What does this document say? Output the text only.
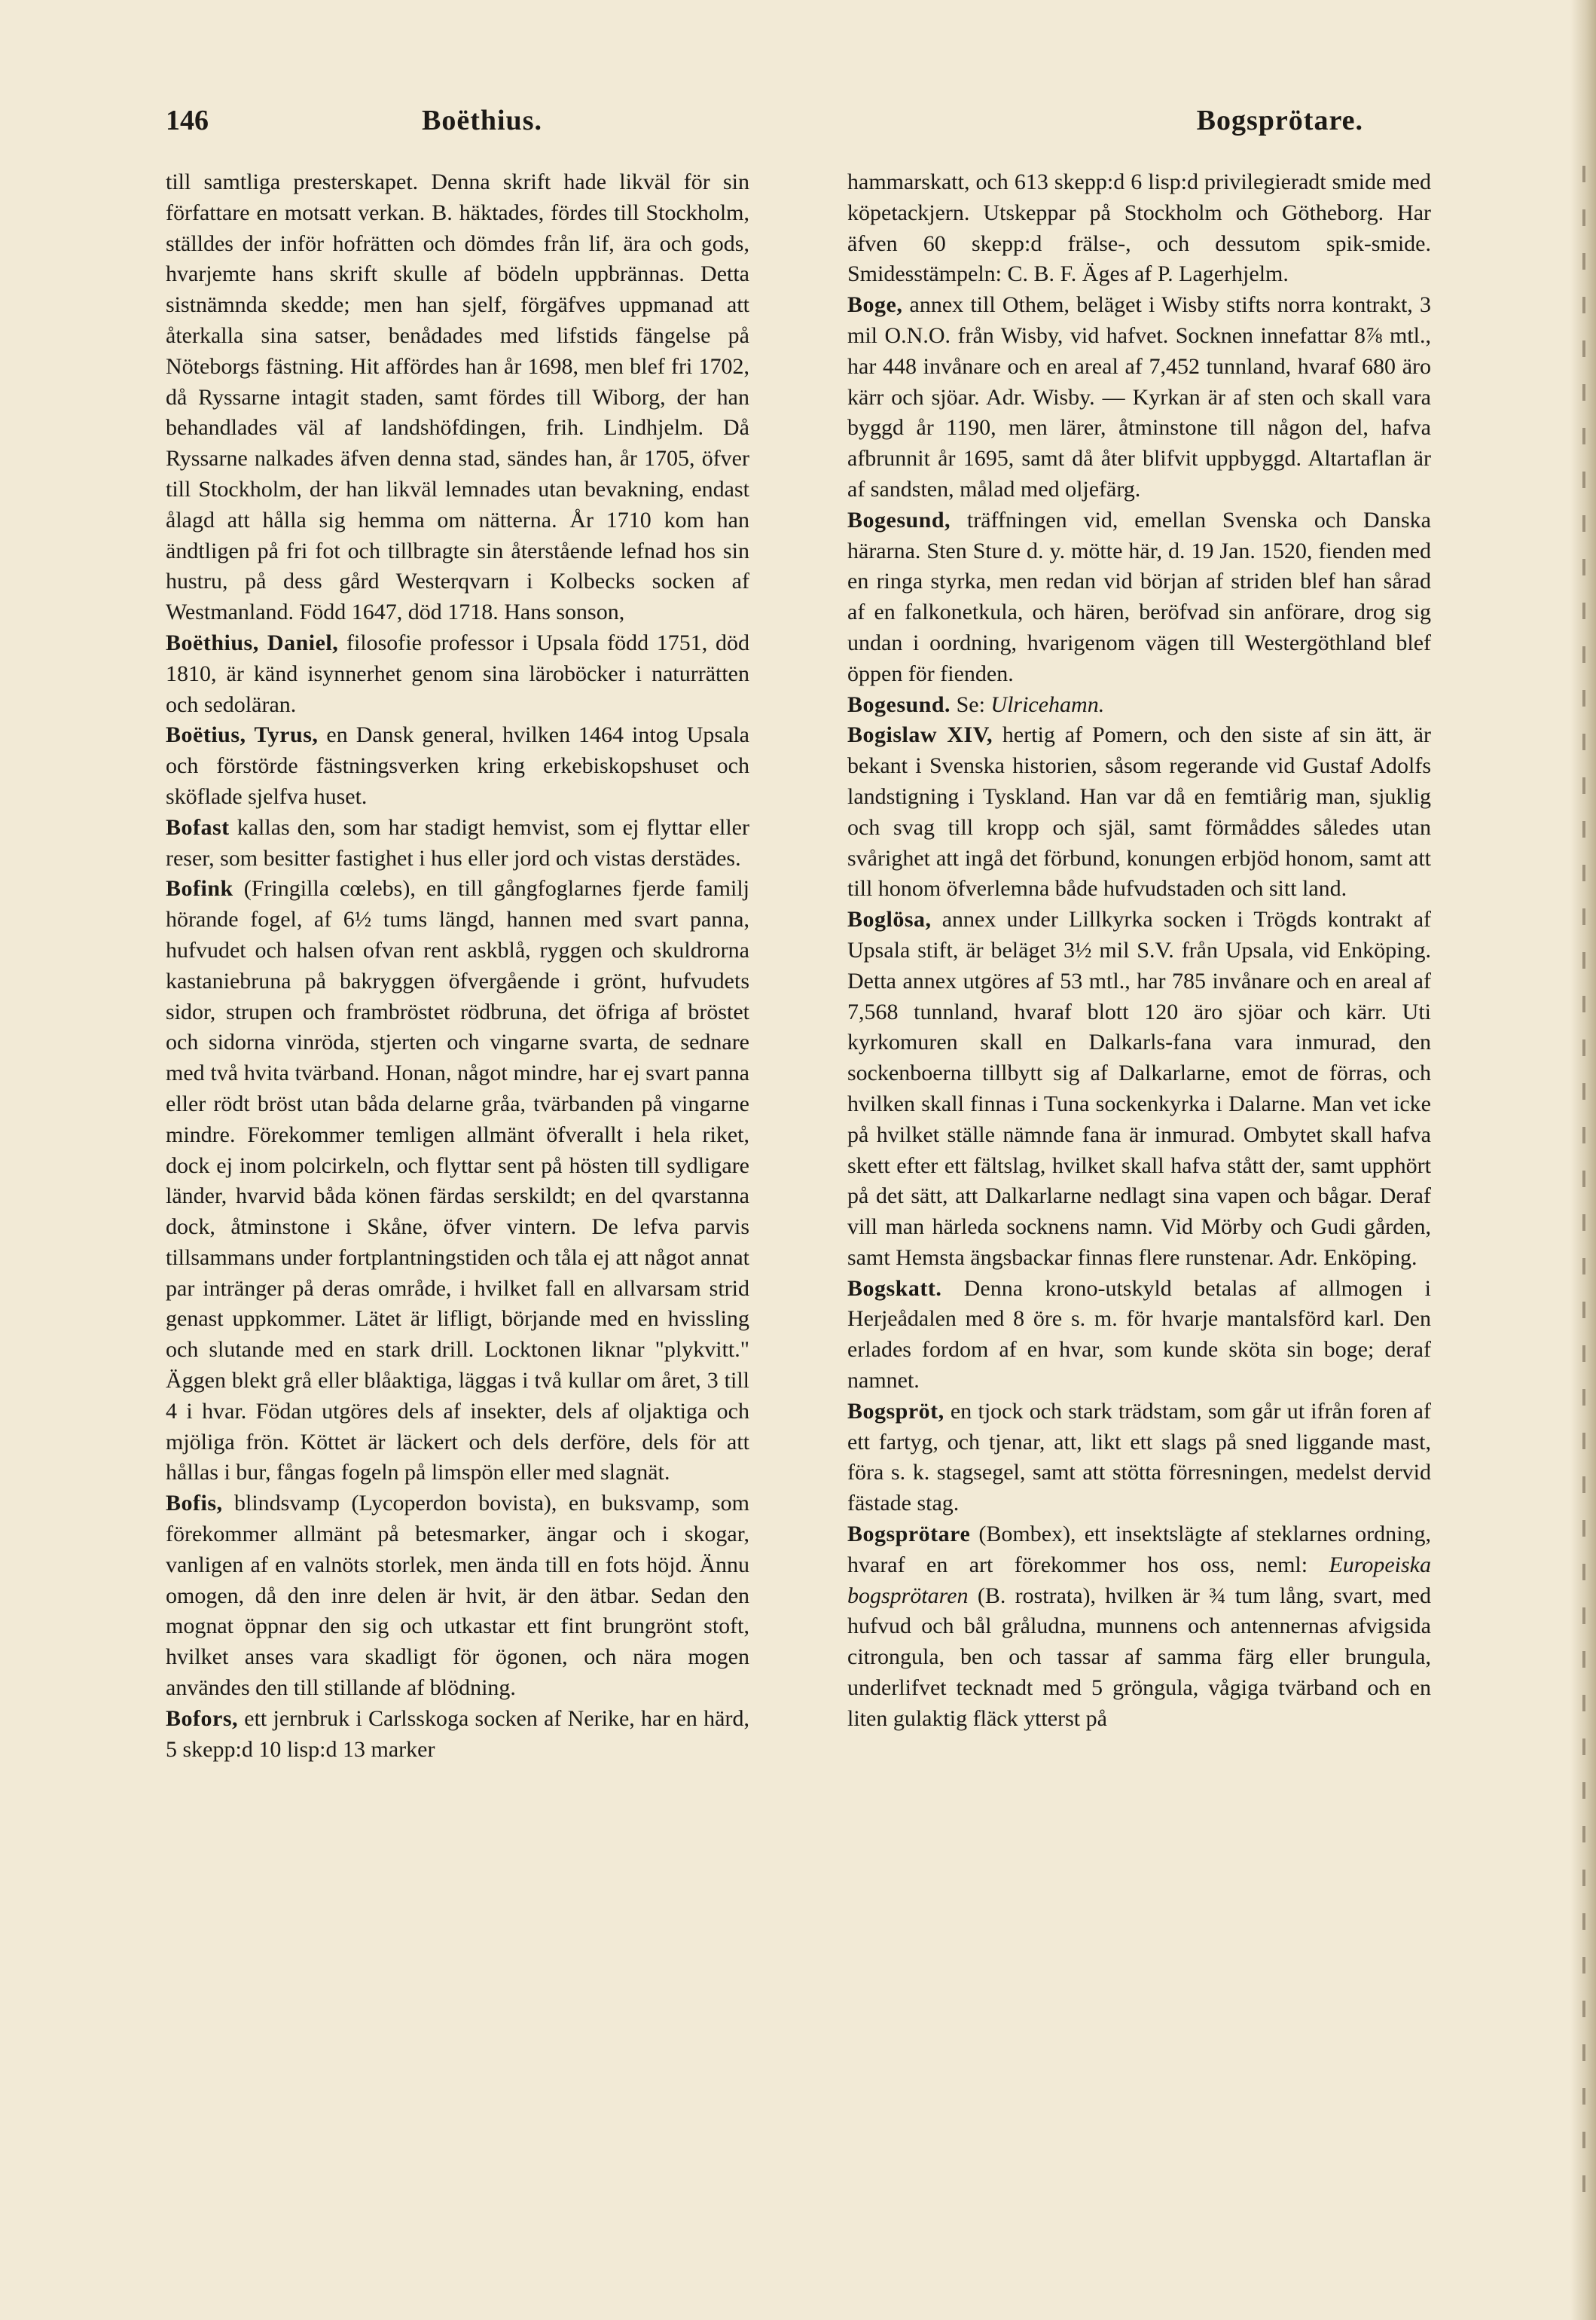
146	Boëthius.	Bogsprötare.

till samtliga presterskapet. Denna skrift hade likväl för sin författare en motsatt verkan. B. häktades, fördes till Stockholm, ställdes der inför hofrätten och dömdes från lif, ära och gods, hvarjemte hans skrift skulle af bödeln uppbrännas. Detta sistnämnda skedde; men han sjelf, förgäfves uppmanad att återkalla sina satser, benådades med lifstids fängelse på Nöteborgs fästning. Hit affördes han år 1698, men blef fri 1702, då Ryssarne intagit staden, samt fördes till Wiborg, der han behandlades väl af landshöfdingen, frih. Lindhjelm. Då Ryssarne nalkades äfven denna stad, sändes han, år 1705, öfver till Stockholm, der han likväl lemnades utan bevakning, endast ålagd att hålla sig hemma om nätterna. År 1710 kom han ändtligen på fri fot och tillbragte sin återstående lefnad hos sin hustru, på dess gård Westerqvarn i Kolbecks socken af Westmanland. Född 1647, död 1718. Hans sonson,

Boëthius, Daniel, filosofie professor i Upsala född 1751, död 1810, är känd isynnerhet genom sina läroböcker i naturrätten och sedoläran.

Boëtius, Tyrus, en Dansk general, hvilken 1464 intog Upsala och förstörde fästningsverken kring erkebiskopshuset och sköflade sjelfva huset.

Bofast kallas den, som har stadigt hemvist, som ej flyttar eller reser, som besitter fastighet i hus eller jord och vistas derstädes.

Bofink (Fringilla cœlebs), en till gångfoglarnes fjerde familj hörande fogel, af 6½ tums längd, hannen med svart panna, hufvudet och halsen ofvan rent askblå, ryggen och skuldrorna kastaniebruna på bakryggen öfvergående i grönt, hufvudets sidor, strupen och frambröstet rödbruna, det öfriga af bröstet och sidorna vinröda, stjerten och vingarne svarta, de sednare med två hvita tvärband. Honan, något mindre, har ej svart panna eller rödt bröst utan båda delarne gråa, tvärbanden på vingarne mindre. Förekommer temligen allmänt öfverallt i hela riket, dock ej inom polcirkeln, och flyttar sent på hösten till sydligare länder, hvarvid båda könen färdas serskildt; en del qvarstanna dock, åtminstone i Skåne, öfver vintern. De lefva parvis tillsammans under fortplantningstiden och tåla ej att något annat par intränger på deras område, i hvilket fall en allvarsam strid genast uppkommer. Lätet är lifligt, börjande med en hvissling och slutande med en stark drill. Locktonen liknar "plykvitt." Äggen blekt grå eller blåaktiga, läggas i två kullar om året, 3 till 4 i hvar. Födan utgöres dels af insekter, dels af oljaktiga och mjöliga frön. Köttet är läckert och dels derföre, dels för att hållas i bur, fångas fogeln på limspön eller med slagnät.

Bofis, blindsvamp (Lycoperdon bovista), en buksvamp, som förekommer allmänt på betesmarker, ängar och i skogar, vanligen af en valnöts storlek, men ända till en fots höjd. Ännu omogen, då den inre delen är hvit, är den ätbar. Sedan den mognat öppnar den sig och utkastar ett fint brungrönt stoft, hvilket anses vara skadligt för ögonen, och nära mogen användes den till stillande af blödning.

Bofors, ett jernbruk i Carlsskoga socken af Nerike, har en härd, 5 skepp:d 10 lisp:d 13 marker

hammarskatt, och 613 skepp:d 6 lisp:d privilegieradt smide med köpetackjern. Utskeppar på Stockholm och Götheborg. Har äfven 60 skepp:d frälse-, och dessutom spik-smide. Smidesstämpeln: C. B. F. Äges af P. Lagerhjelm.

Boge, annex till Othem, beläget i Wisby stifts norra kontrakt, 3 mil O.N.O. från Wisby, vid hafvet. Socknen innefattar 8⅞ mtl., har 448 invånare och en areal af 7,452 tunnland, hvaraf 680 äro kärr och sjöar. Adr. Wisby. — Kyrkan är af sten och skall vara byggd år 1190, men lärer, åtminstone till någon del, hafva afbrunnit år 1695, samt då åter blifvit uppbyggd. Altartaflan är af sandsten, målad med oljefärg.

Bogesund, träffningen vid, emellan Svenska och Danska härarna. Sten Sture d. y. mötte här, d. 19 Jan. 1520, fienden med en ringa styrka, men redan vid början af striden blef han sårad af en falkonetkula, och hären, beröfvad sin anförare, drog sig undan i oordning, hvarigenom vägen till Westergöthland blef öppen för fienden.

Bogesund. Se: Ulricehamn.

Bogislaw XIV, hertig af Pomern, och den siste af sin ätt, är bekant i Svenska historien, såsom regerande vid Gustaf Adolfs landstigning i Tyskland. Han var då en femtiårig man, sjuklig och svag till kropp och själ, samt förmåddes således utan svårighet att ingå det förbund, konungen erbjöd honom, samt att till honom öfverlemna både hufvudstaden och sitt land.

Boglösa, annex under Lillkyrka socken i Trögds kontrakt af Upsala stift, är beläget 3½ mil S.V. från Upsala, vid Enköping. Detta annex utgöres af 53 mtl., har 785 invånare och en areal af 7,568 tunnland, hvaraf blott 120 äro sjöar och kärr. Uti kyrkomuren skall en Dalkarls-fana vara inmurad, den sockenboerna tillbytt sig af Dalkarlarne, emot de förras, och hvilken skall finnas i Tuna sockenkyrka i Dalarne. Man vet icke på hvilket ställe nämnde fana är inmurad. Ombytet skall hafva skett efter ett fältslag, hvilket skall hafva stått der, samt upphört på det sätt, att Dalkarlarne nedlagt sina vapen och bågar. Deraf vill man härleda socknens namn. Vid Mörby och Gudi gården, samt Hemsta ängsbackar finnas flere runstenar. Adr. Enköping.

Bogskatt. Denna krono-utskyld betalas af allmogen i Herjeådalen med 8 öre s. m. för hvarje mantalsförd karl. Den erlades fordom af en hvar, som kunde sköta sin boge; deraf namnet.

Bogspröt, en tjock och stark trädstam, som går ut ifrån foren af ett fartyg, och tjenar, att, likt ett slags på sned liggande mast, föra s. k. stagsegel, samt att stötta förresningen, medelst dervid fästade stag.

Bogsprötare (Bombex), ett insektslägte af steklarnes ordning, hvaraf en art förekommer hos oss, neml: Europeiska bogsprötaren (B. rostrata), hvilken är ¾ tum lång, svart, med hufvud och bål gråludna, munnens och antennernas afvigsida citrongula, ben och tassar af samma färg eller brungula, underlifvet tecknadt med 5 gröngula, vågiga tvärband och en liten gulaktig fläck ytterst på
